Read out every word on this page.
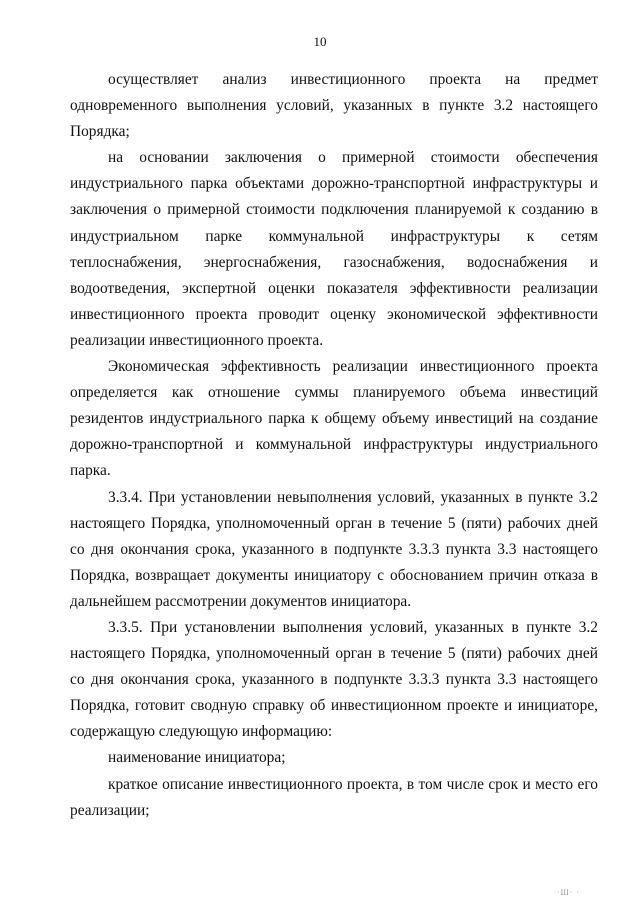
10

осуществляет анализ инвестиционного проекта на предмет одновременного выполнения условий, указанных в пункте 3.2 настоящего Порядка;

на основании заключения о примерной стоимости обеспечения индустриального парка объектами дорожно-транспортной инфраструктуры и заключения о примерной стоимости подключения планируемой к созданию в индустриальном парке коммунальной инфраструктуры к сетям теплоснабжения, энергоснабжения, газоснабжения, водоснабжения и водоотведения, экспертной оценки показателя эффективности реализации инвестиционного проекта проводит оценку экономической эффективности реализации инвестиционного проекта.

Экономическая эффективность реализации инвестиционного проекта определяется как отношение суммы планируемого объема инвестиций резидентов индустриального парка к общему объему инвестиций на создание дорожно-транспортной и коммунальной инфраструктуры индустриального парка.

3.3.4. При установлении невыполнения условий, указанных в пункте 3.2 настоящего Порядка, уполномоченный орган в течение 5 (пяти) рабочих дней со дня окончания срока, указанного в подпункте 3.3.3 пункта 3.3 настоящего Порядка, возвращает документы инициатору с обоснованием причин отказа в дальнейшем рассмотрении документов инициатора.

3.3.5. При установлении выполнения условий, указанных в пункте 3.2 настоящего Порядка, уполномоченный орган в течение 5 (пяти) рабочих дней со дня окончания срока, указанного в подпункте 3.3.3 пункта 3.3 настоящего Порядка, готовит сводную справку об инвестиционном проекте и инициаторе, содержащую следующую информацию:

наименование инициатора;

краткое описание инвестиционного проекта, в том числе срок и место его реализации;

·Ш· ·
